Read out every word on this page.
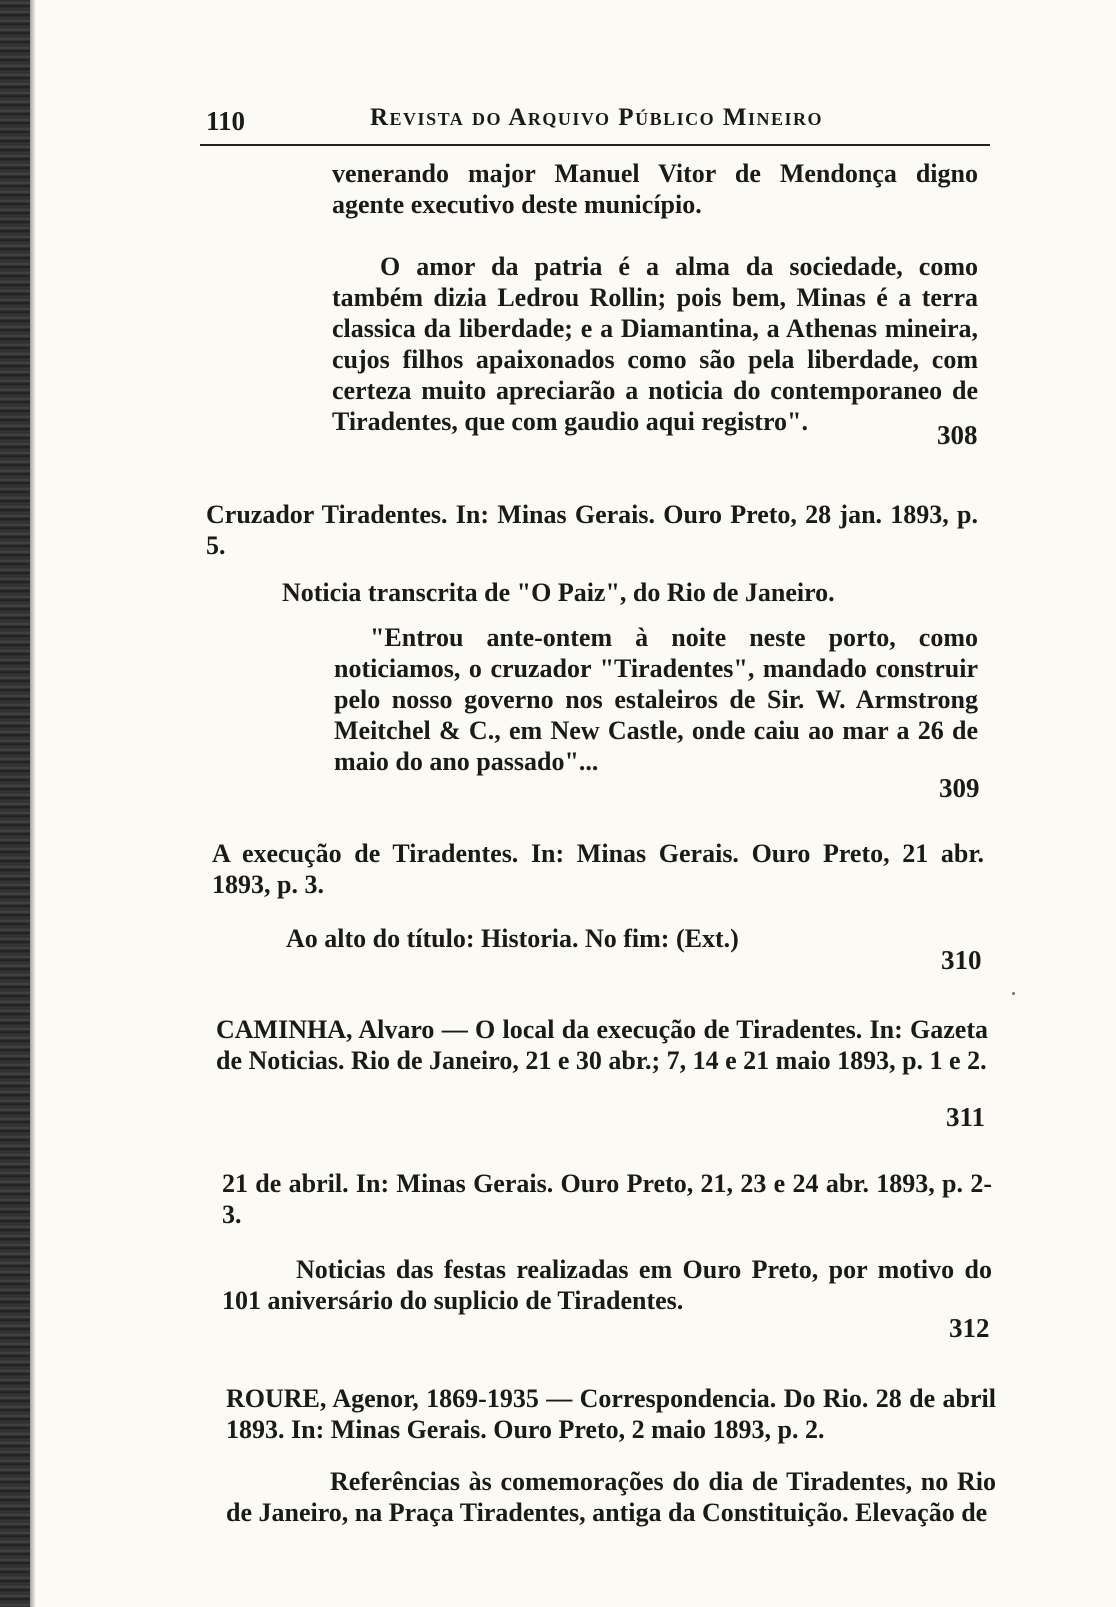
110	Revista do Arquivo Público Mineiro

venerando major Manuel Vitor de Mendonça digno agente executivo deste município.

O amor da patria é a alma da sociedade, como também dizia Ledrou Rollin; pois bem, Minas é a terra classica da liberdade; e a Diamantina, a Athenas mineira, cujos filhos apaixonados como são pela liberdade, com certeza muito apreciarão a noticia do contemporaneo de Tiradentes, que com gaudio aqui registro".	308

Cruzador Tiradentes. In: Minas Gerais. Ouro Preto, 28 jan. 1893, p. 5.

Noticia transcrita de "O Paiz", do Rio de Janeiro.

"Entrou ante-ontem à noite neste porto, como noticiamos, o cruzador "Tiradentes", mandado construir pelo nosso governo nos estaleiros de Sir. W. Armstrong Meitchel & C., em New Castle, onde caiu ao mar a 26 de maio do ano passado"...

309

A execução de Tiradentes. In: Minas Gerais. Ouro Preto, 21 abr. 1893, p. 3.

Ao alto do título: Historia. No fim: (Ext.)

310

CAMINHA, Alvaro — O local da execução de Tiradentes. In: Gazeta de Noticias. Rio de Janeiro, 21 e 30 abr.; 7, 14 e 21 maio 1893, p. 1 e 2.

311

21 de abril. In: Minas Gerais. Ouro Preto, 21, 23 e 24 abr. 1893, p. 2-3.

Noticias das festas realizadas em Ouro Preto, por motivo do 101 aniversário do suplicio de Tiradentes.

312

ROURE, Agenor, 1869-1935 — Correspondencia. Do Rio. 28 de abril 1893. In: Minas Gerais. Ouro Preto, 2 maio 1893, p. 2.

Referências às comemorações do dia de Tiradentes, no Rio de Janeiro, na Praça Tiradentes, antiga da Constituição. Elevação de
